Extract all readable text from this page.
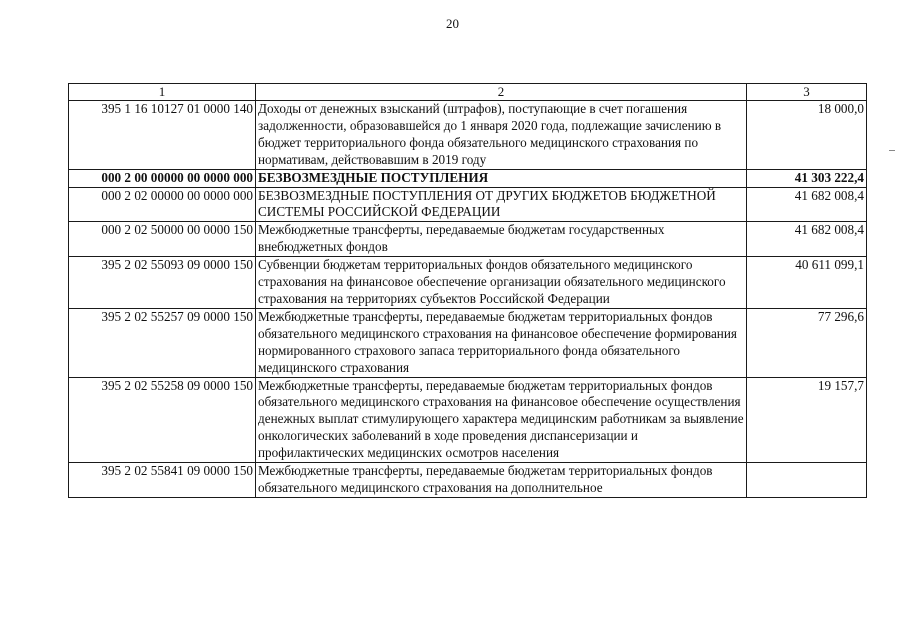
20
1	2	3
395 1 16 10127 01 0000 140	Доходы от денежных взысканий (штрафов), поступающие в счет погашения задолженности, образовавшейся до 1 января 2020 года, подлежащие зачислению в бюджет территориального фонда обязательного медицинского страхования по нормативам, действовавшим в 2019 году	18 000,0
000 2 00 00000 00 0000 000	БЕЗВОЗМЕЗДНЫЕ ПОСТУПЛЕНИЯ	41 303 222,4
000 2 02 00000 00 0000 000	БЕЗВОЗМЕЗДНЫЕ ПОСТУПЛЕНИЯ ОТ ДРУГИХ БЮДЖЕТОВ БЮДЖЕТНОЙ СИСТЕМЫ РОССИЙСКОЙ ФЕДЕРАЦИИ	41 682 008,4
000 2 02 50000 00 0000 150	Межбюджетные трансферты, передаваемые бюджетам государственных внебюджетных фондов	41 682 008,4
395 2 02 55093 09 0000 150	Субвенции бюджетам территориальных фондов обязательного медицинского страхования на финансовое обеспечение организации обязательного медицинского страхования на территориях субъектов Российской Федерации	40 611 099,1
395 2 02 55257 09 0000 150	Межбюджетные трансферты, передаваемые бюджетам территориальных фондов обязательного медицинского страхования на финансовое обеспечение формирования нормированного страхового запаса территориального фонда обязательного медицинского страхования	77 296,6
395 2 02 55258 09 0000 150	Межбюджетные трансферты, передаваемые бюджетам территориальных фондов обязательного медицинского страхования на финансовое обеспечение осуществления денежных выплат стимулирующего характера медицинским работникам за выявление онкологических заболеваний в ходе проведения диспансеризации и профилактических медицинских осмотров населения	19 157,7
395 2 02 55841 09 0000 150	Межбюджетные трансферты, передаваемые бюджетам территориальных фондов обязательного медицинского страхования на дополнительное	
